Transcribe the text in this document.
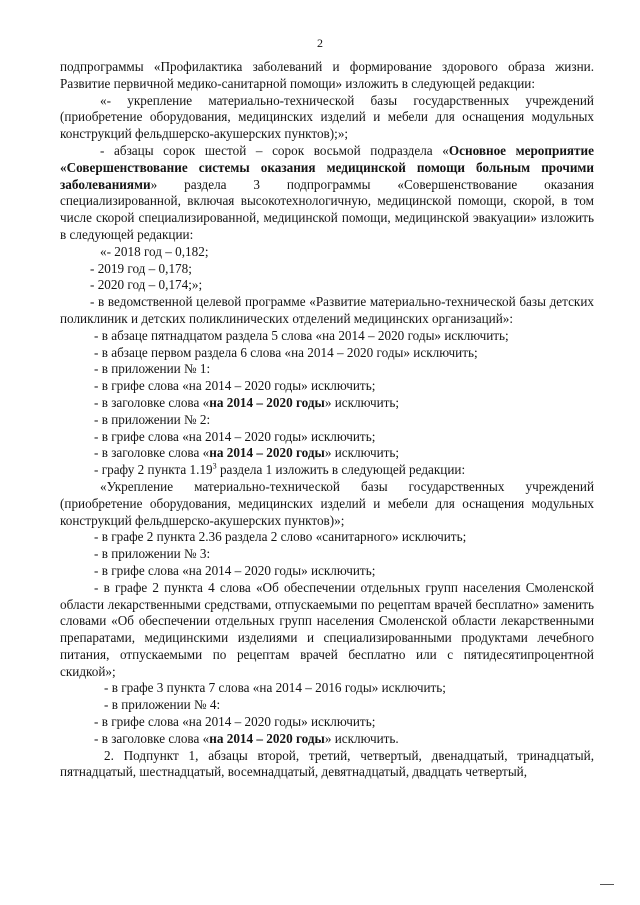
2

подпрограммы «Профилактика заболеваний и формирование здорового образа жизни. Развитие первичной медико-санитарной помощи» изложить в следующей редакции:

«- укрепление материально-технической базы государственных учреждений (приобретение оборудования, медицинских изделий и мебели для оснащения модульных конструкций фельдшерско-акушерских пунктов);»;

- абзацы сорок шестой – сорок восьмой подраздела «Основное мероприятие «Совершенствование системы оказания медицинской помощи больным прочими заболеваниями» раздела 3 подпрограммы «Совершенствование оказания специализированной, включая высокотехнологичную, медицинской помощи, скорой, в том числе скорой специализированной, медицинской помощи, медицинской эвакуации» изложить в следующей редакции:

«- 2018 год – 0,182;

- 2019 год – 0,178;

- 2020 год – 0,174;»;

- в ведомственной целевой программе «Развитие материально-технической базы детских поликлиник и детских поликлинических отделений медицинских организаций»:

- в абзаце пятнадцатом раздела 5 слова «на 2014 – 2020 годы» исключить;

- в абзаце первом раздела 6 слова «на 2014 – 2020 годы» исключить;

- в приложении № 1:

- в грифе слова «на 2014 – 2020 годы» исключить;

- в заголовке слова «на 2014 – 2020 годы» исключить;

- в приложении № 2:

- в грифе слова «на 2014 – 2020 годы» исключить;

- в заголовке слова «на 2014 – 2020 годы» исключить;

- графу 2 пункта 1.19$^3$ раздела 1 изложить в следующей редакции:

«Укрепление материально-технической базы государственных учреждений (приобретение оборудования, медицинских изделий и мебели для оснащения модульных конструкций фельдшерско-акушерских пунктов)»;

- в графе 2 пункта 2.36 раздела 2 слово «санитарного» исключить;

- в приложении № 3:

- в грифе слова «на 2014 – 2020 годы» исключить;

- в графе 2 пункта 4 слова «Об обеспечении отдельных групп населения Смоленской области лекарственными средствами, отпускаемыми по рецептам врачей бесплатно» заменить словами «Об обеспечении отдельных групп населения Смоленской области лекарственными препаратами, медицинскими изделиями и специализированными продуктами лечебного питания, отпускаемыми по рецептам врачей бесплатно или с пятидесятипроцентной скидкой»;

- в графе 3 пункта 7 слова «на 2014 – 2016 годы» исключить;

- в приложении № 4:

- в грифе слова «на 2014 – 2020 годы» исключить;

- в заголовке слова «на 2014 – 2020 годы» исключить.

2. Подпункт 1, абзацы второй, третий, четвертый, двенадцатый, тринадцатый, пятнадцатый, шестнадцатый, восемнадцатый, девятнадцатый, двадцать четвертый,
